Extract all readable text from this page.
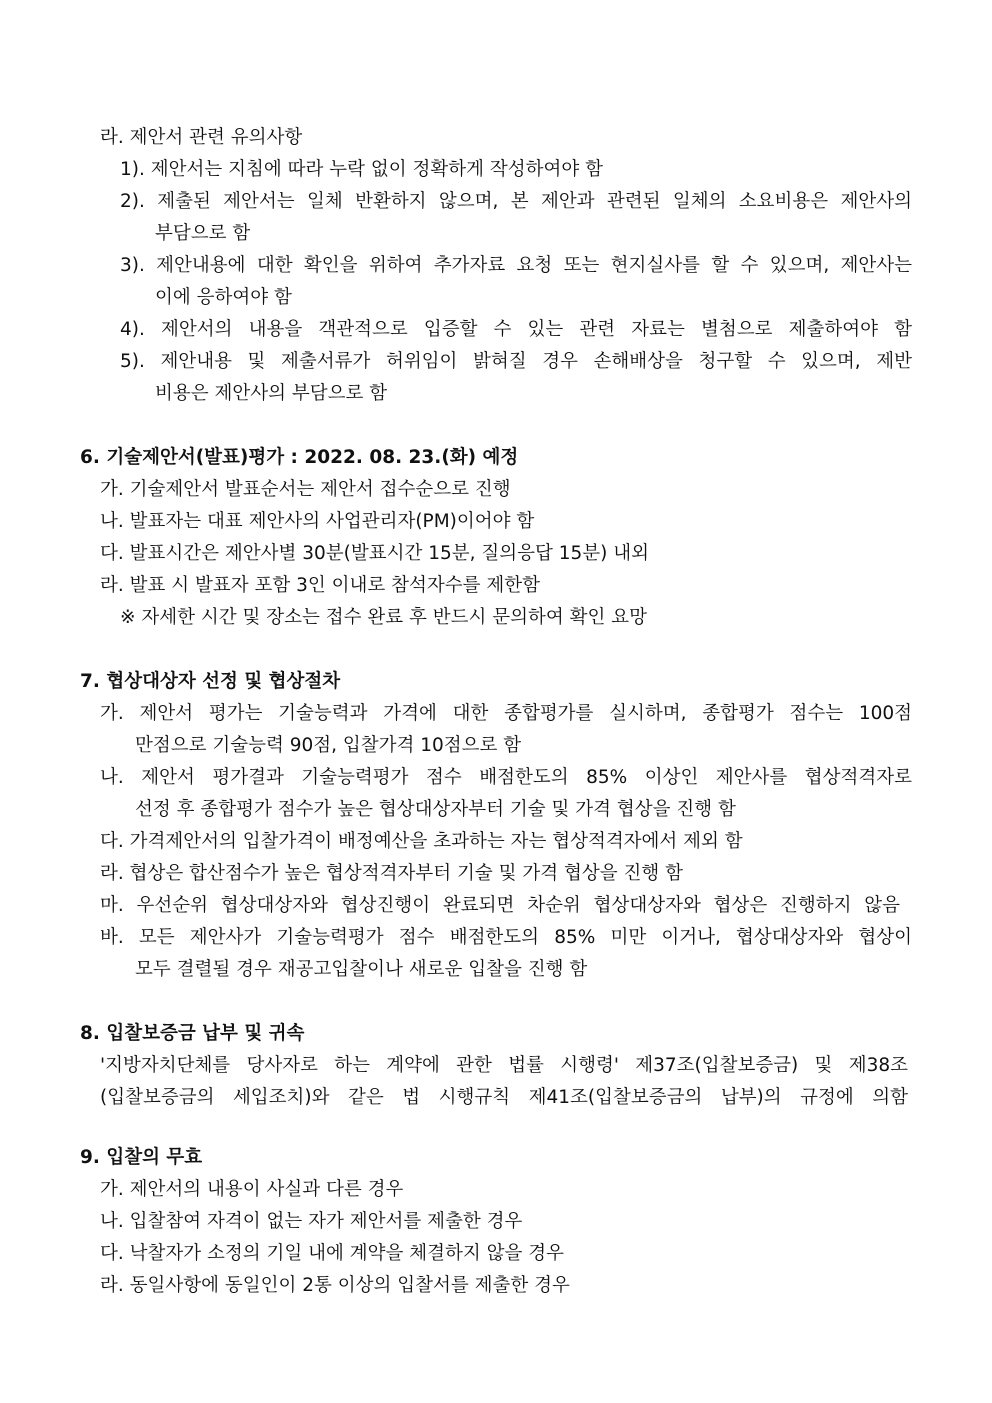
라. 제안서 관련 유의사항
1). 제안서는 지침에 따라 누락 없이 정확하게 작성하여야 함
2). 제출된 제안서는 일체 반환하지 않으며, 본 제안과 관련된 일체의 소요비용은 제안사의
부담으로 함
3). 제안내용에 대한 확인을 위하여 추가자료 요청 또는 현지실사를 할 수 있으며, 제안사는
이에 응하여야 함
4). 제안서의 내용을 객관적으로 입증할 수 있는 관련 자료는 별첨으로 제출하여야 함
5). 제안내용 및 제출서류가 허위임이 밝혀질 경우 손해배상을 청구할 수 있으며, 제반
비용은 제안사의 부담으로 함
6. 기술제안서(발표)평가 : 2022. 08. 23.(화) 예정
가. 기술제안서 발표순서는 제안서 접수순으로 진행
나. 발표자는 대표 제안사의 사업관리자(PM)이어야 함
다. 발표시간은 제안사별 30분(발표시간 15분, 질의응답 15분) 내외
라. 발표 시 발표자 포함 3인 이내로 참석자수를 제한함
※ 자세한 시간 및 장소는 접수 완료 후 반드시 문의하여 확인 요망
7. 협상대상자 선정 및 협상절차
가. 제안서 평가는 기술능력과 가격에 대한 종합평가를 실시하며, 종합평가 점수는 100점
만점으로 기술능력 90점, 입찰가격 10점으로 함
나. 제안서 평가결과 기술능력평가 점수 배점한도의 85% 이상인 제안사를 협상적격자로
선정 후 종합평가 점수가 높은 협상대상자부터 기술 및 가격 협상을 진행 함
다. 가격제안서의 입찰가격이 배정예산을 초과하는 자는 협상적격자에서 제외 함
라. 협상은 합산점수가 높은 협상적격자부터 기술 및 가격 협상을 진행 함
마. 우선순위 협상대상자와 협상진행이 완료되면 차순위 협상대상자와 협상은 진행하지 않음
바. 모든 제안사가 기술능력평가 점수 배점한도의 85% 미만 이거나, 협상대상자와 협상이
모두 결렬될 경우 재공고입찰이나 새로운 입찰을 진행 함
8. 입찰보증금 납부 및 귀속
'지방자치단체를 당사자로 하는 계약에 관한 법률 시행령' 제37조(입찰보증금) 및 제38조
(입찰보증금의 세입조치)와 같은 법 시행규칙 제41조(입찰보증금의 납부)의 규정에 의함
9. 입찰의 무효
가. 제안서의 내용이 사실과 다른 경우
나. 입찰참여 자격이 없는 자가 제안서를 제출한 경우
다. 낙찰자가 소정의 기일 내에 계약을 체결하지 않을 경우
라. 동일사항에 동일인이 2통 이상의 입찰서를 제출한 경우
